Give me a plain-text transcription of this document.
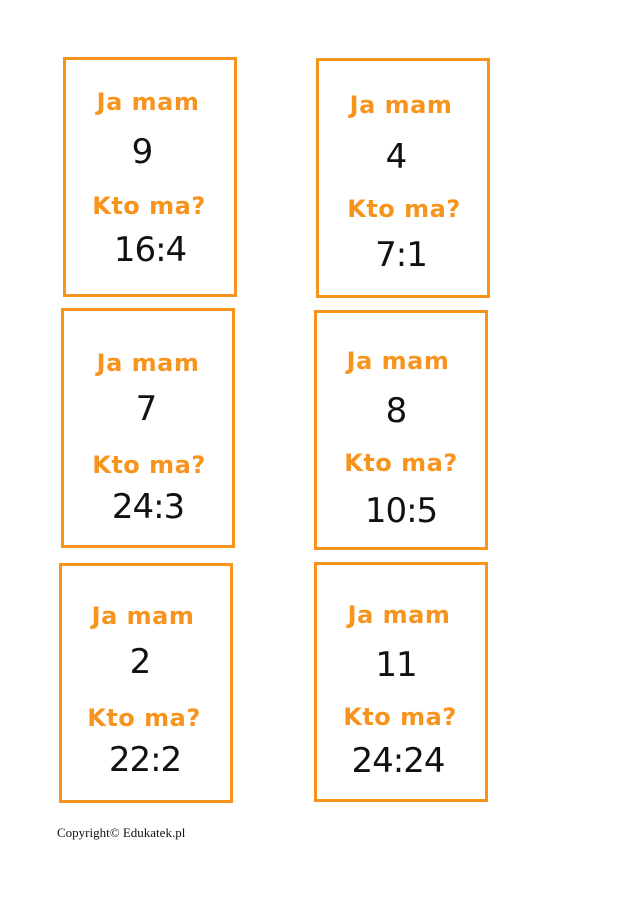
Ja mam
9
Kto ma?
16:4
Ja mam
4
Kto ma?
7:1
Ja mam
7
Kto ma?
24:3
Ja mam
8
Kto ma?
10:5
Ja mam
2
Kto ma?
22:2
Ja mam
11
Kto ma?
24:24
Copyright© Edukatek.pl
